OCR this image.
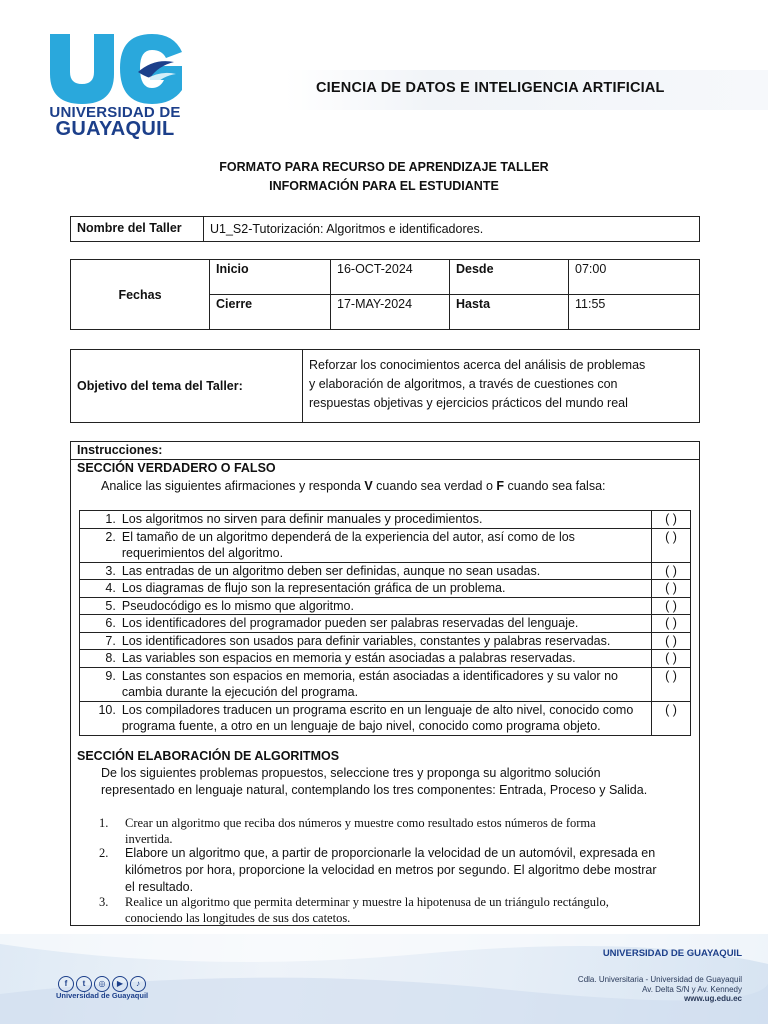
UNIVERSIDAD DE
GUAYAQUIL
CIENCIA DE DATOS E INTELIGENCIA ARTIFICIAL
FORMATO PARA RECURSO DE APRENDIZAJE TALLER
INFORMACIÓN PARA EL ESTUDIANTE
Nombre del Taller	U1_S2-Tutorización: Algoritmos e identificadores.
Fechas	Inicio	16-OCT-2024	Desde	07:00
	Cierre	17-MAY-2024	Hasta	11:55
Objetivo del tema del Taller:	
Reforzar los conocimientos acerca del análisis de problemas
y elaboración de algoritmos, a través de cuestiones con
respuestas objetivas y ejercicios prácticos del mundo real
Instrucciones:
SECCIÓN VERDADERO O FALSO
Analice las siguientes afirmaciones y responda V cuando sea verdad o F cuando sea falsa:
1.	Los algoritmos no sirven para definir manuales y procedimientos.	( )
2.	El tamaño de un algoritmo dependerá de la experiencia del autor, así como de los requerimientos del algoritmo.	( )
3.	Las entradas de un algoritmo deben ser definidas, aunque no sean usadas.	( )
4.	Los diagramas de flujo son la representación gráfica de un problema.	( )
5.	Pseudocódigo es lo mismo que algoritmo.	( )
6.	Los identificadores del programador pueden ser palabras reservadas del lenguaje.	( )
7.	Los identificadores son usados para definir variables, constantes y palabras reservadas.	( )
8.	Las variables son espacios en memoria y están asociadas a palabras reservadas.	( )
9.	Las constantes son espacios en memoria, están asociadas a identificadores y su valor no cambia durante la ejecución del programa.	( )
10.	Los compiladores traducen un programa escrito en un lenguaje de alto nivel, conocido como programa fuente, a otro en un lenguaje de bajo nivel, conocido como programa objeto.	( )
SECCIÓN ELABORACIÓN DE ALGORITMOS
De los siguientes problemas propuestos, seleccione tres y proponga su algoritmo solución
representado en lenguaje natural, contemplando los tres componentes: Entrada, Proceso y Salida.
1.	Crear un algoritmo que reciba dos números y muestre como resultado estos números de forma
invertida.
2.	Elabore un algoritmo que, a partir de proporcionarle la velocidad de un automóvil, expresada en
kilómetros por hora, proporcione la velocidad en metros por segundo. El algoritmo debe mostrar
el resultado.
3.	Realice un algoritmo que permita determinar y muestre la hipotenusa de un triángulo rectángulo,
conociendo las longitudes de sus dos catetos.
UNIVERSIDAD DE GUAYAQUIL
Cdla. Universitaria - Universidad de Guayaquil
Av. Delta S/N y Av. Kennedy
www.ug.edu.ec
f t ◎ ▶ ♪
Universidad de Guayaquil
